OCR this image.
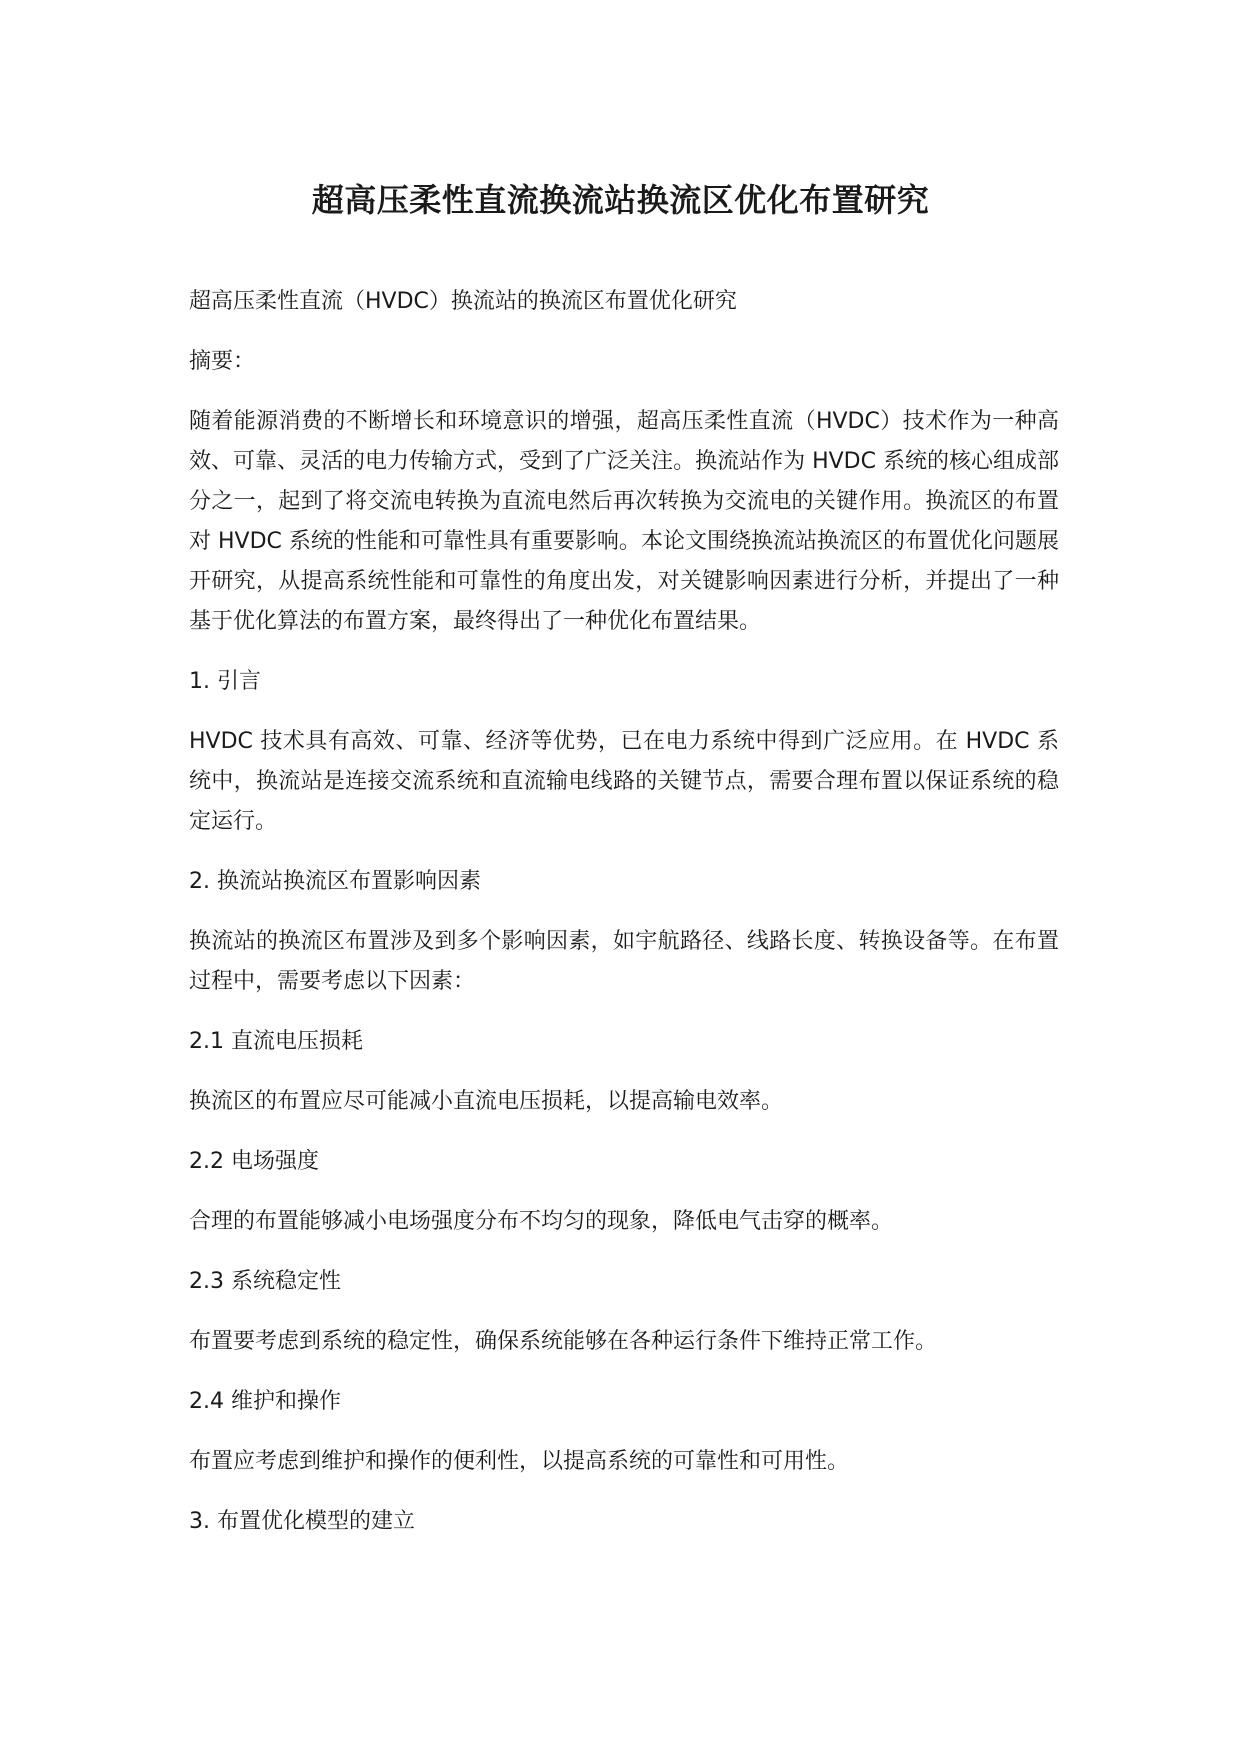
超高压柔性直流换流站换流区优化布置研究

超高压柔性直流（HVDC）换流站的换流区布置优化研究

摘要：

随着能源消费的不断增长和环境意识的增强，超高压柔性直流（HVDC）技术作为一种高效、可靠、灵活的电力传输方式，受到了广泛关注。换流站作为 HVDC 系统的核心组成部分之一，起到了将交流电转换为直流电然后再次转换为交流电的关键作用。换流区的布置对 HVDC 系统的性能和可靠性具有重要影响。本论文围绕换流站换流区的布置优化问题展开研究，从提高系统性能和可靠性的角度出发，对关键影响因素进行分析，并提出了一种基于优化算法的布置方案，最终得出了一种优化布置结果。

1. 引言

HVDC 技术具有高效、可靠、经济等优势，已在电力系统中得到广泛应用。在 HVDC 系统中，换流站是连接交流系统和直流输电线路的关键节点，需要合理布置以保证系统的稳定运行。

2. 换流站换流区布置影响因素

换流站的换流区布置涉及到多个影响因素，如宇航路径、线路长度、转换设备等。在布置过程中，需要考虑以下因素：

2.1 直流电压损耗

换流区的布置应尽可能减小直流电压损耗，以提高输电效率。

2.2 电场强度

合理的布置能够减小电场强度分布不均匀的现象，降低电气击穿的概率。

2.3 系统稳定性

布置要考虑到系统的稳定性，确保系统能够在各种运行条件下维持正常工作。

2.4 维护和操作

布置应考虑到维护和操作的便利性，以提高系统的可靠性和可用性。

3. 布置优化模型的建立
